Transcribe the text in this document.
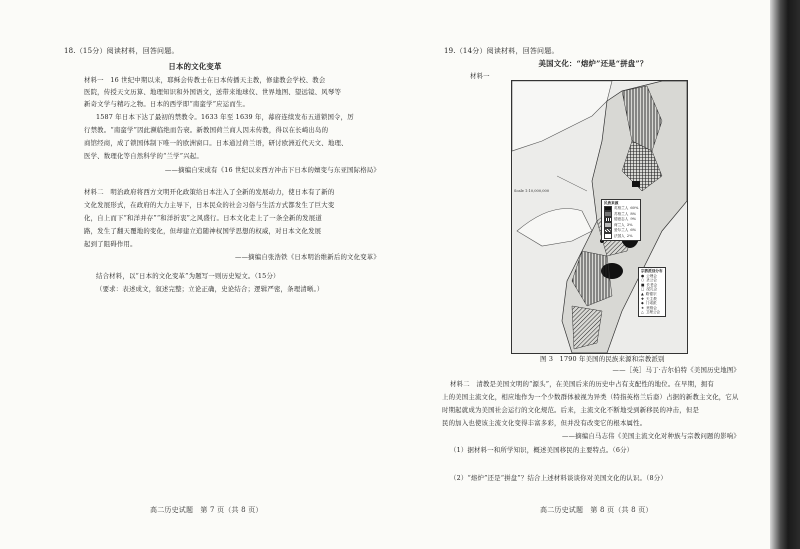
18.（15分）阅读材料，回答问题。
日本的文化变革
材料一　16 世纪中期以来，耶稣会传教士在日本传播天主教，修建教会学校、教会
医院，传授天文历算、地理知识和外国语文，送带来地球仪、世界地图、望远镜、风琴等
新奇文学与精巧之物。日本的西学即“南蛮学”应运而生。
1587 年日本下达了最初的禁教令。1633 年至 1639 年，幕府连续发布五道锁国令，厉
行禁教。“南蛮学”因此濒临绝而告衰。新教国荷兰商人因未传教，得以在长崎出岛的
商馆经商，成了锁国体制下唯一的欧洲窗口。日本通过荷兰语，研讨欧洲近代天文、地理、
医学、数理化等自然科学的“兰学”兴起。
——摘编自宋成有《16 世纪以来西方冲击下日本的嬗变与东亚国际格局》
材料二　明治政府将西方文明开化政策给日本注入了全新的发展动力，使日本有了新的
文化发展形式，在政府的大力主导下，日本民众的社会习俗与生活方式都发生了巨大变
化，自上而下“和洋并存”“和洋折衷”之风盛行。日本文化走上了一条全新的发展道
路，发生了翻天覆地的变化，但却建立追随神权国学思想的权威，对日本文化发展
起到了阻碍作用。
——摘编自张浩铁《日本明治维新后的文化变革》
结合材料，以“日本的文化变革”为题写一则历史短文。（15分）
（要求：表述成文，叙述完整；立论正确，史论结合；逻辑严密，条理清晰。）
高二历史试题　第 7 页（共 8 页）
19.（14分）阅读材料，回答问题。
美国文化：“熔炉”还是“拼盘”？
材料一
Scale 1:10,000,000
民族来源
英格兰人 60%
苏格兰人 8%
德意志人 9%
荷兰人 3%
爱尔兰人 6%
法国人 2%
宗教派别分布
● 公理会
○ 圣公会
■ 长老会
□ 浸礼会
▲ 路德宗
✚ 天主教
◆ 门诺派
★ 贵格会
△ 卫理公会
图 3　1790 年美国的民族来源和宗教派别
——［英］马丁·吉尔伯特《美国历史地图》
材料二　清教是美国文明的“源头”，在美国后来的历史中占有支配性的地位。在早期，拥有
上的美国主流文化，相应地作为一个少数群体被视为异类（特指英格兰后裔）占据的新教主文化，它从
时期起就成为美国社会运行的文化规范。后来，主流文化不断地受到新移民的冲击，但是
民的加入也使该主流文化变得丰富多彩，但并没有改变它的根本属性。
——摘编自马志伟《美国主流文化对种族与宗教问题的影响》
（1）据材料一和所学知识，概述美国移民的主要特点。（6分）
（2）“熔炉”还是“拼盘”？结合上述材料谈谈你对美国文化的认识。（8分）
高二历史试题　第 8 页（共 8 页）
